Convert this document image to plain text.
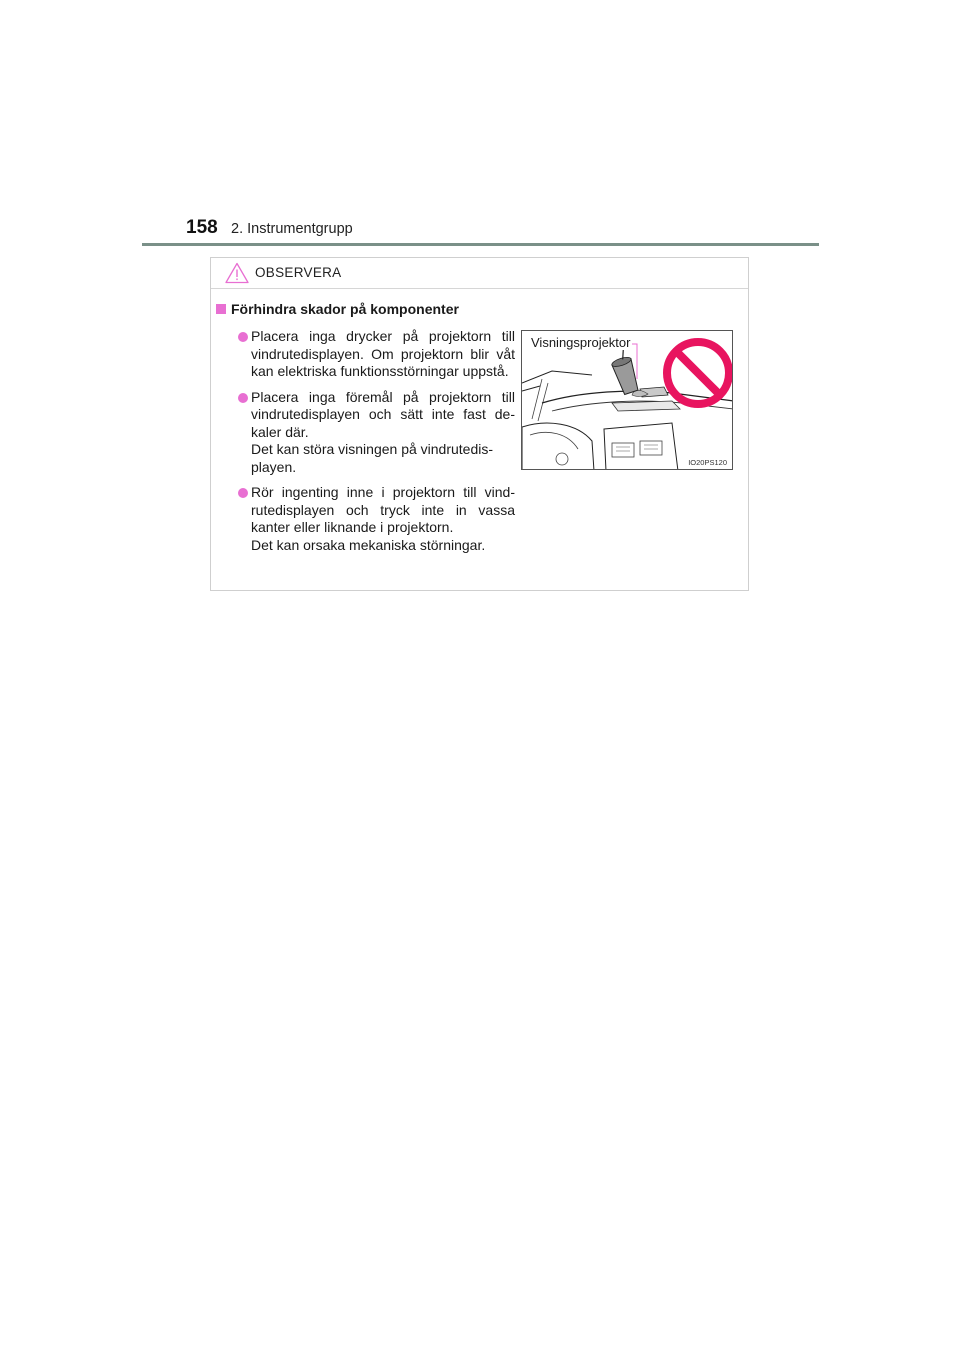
158 2. Instrumentgrupp
OBSERVERA
Förhindra skador på komponenter
Placera inga drycker på projektorn till vindrutedisplayen. Om projektorn blir våt kan elektriska funktionsstörningar uppstå.
Placera inga föremål på projektorn till vindrutedisplayen och sätt inte fast de-kaler där.
Det kan störa visningen på vindrutedis-playen.
Rör ingenting inne i projektorn till vind-rutedisplayen och tryck inte in vassa kanter eller liknande i projektorn.
Det kan orsaka mekaniska störningar.
Visningsprojektor
IO20PS120
